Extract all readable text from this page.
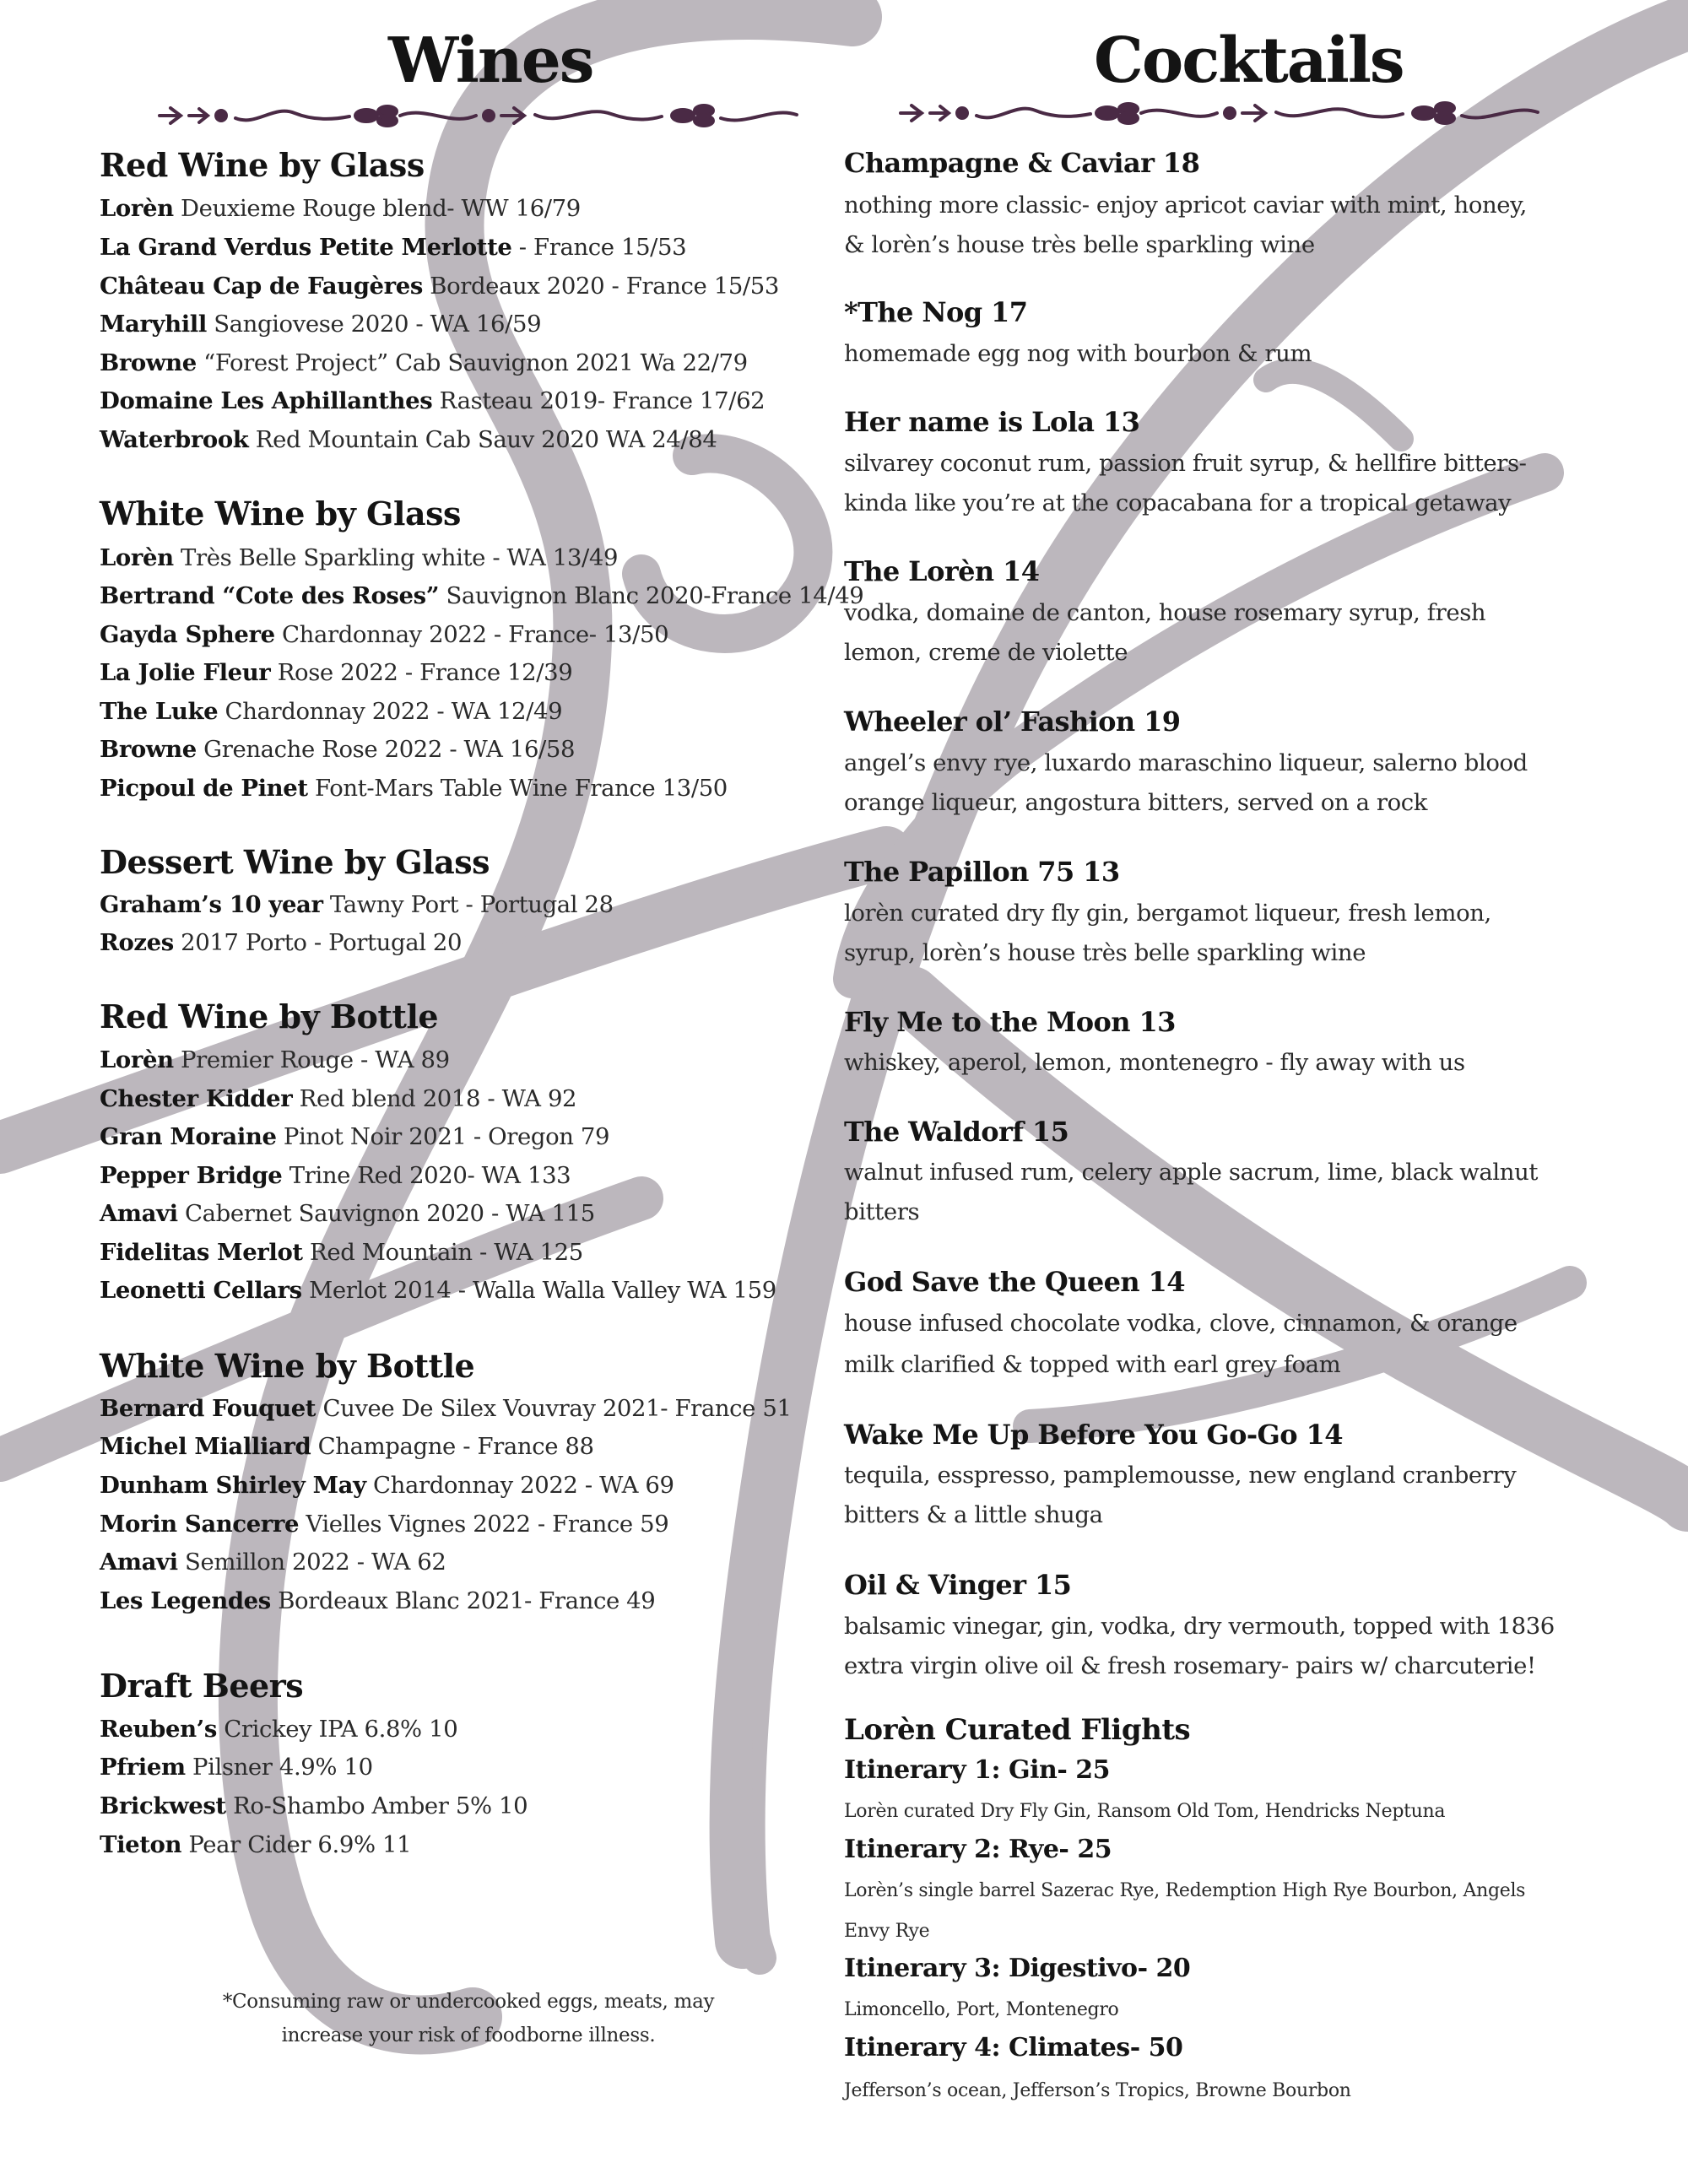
Wines
Red Wine by Glass
Lorèn Deuxieme Rouge blend- WW 16/79
La Grand Verdus Petite Merlotte - France 15/53
Château Cap de Faugères Bordeaux 2020 - France 15/53
Maryhill Sangiovese 2020 - WA 16/59
Browne “Forest Project” Cab Sauvignon 2021 Wa 22/79
Domaine Les Aphillanthes Rasteau 2019- France 17/62
Waterbrook Red Mountain Cab Sauv 2020 WA 24/84
White Wine by Glass
Lorèn Très Belle Sparkling white - WA 13/49
Bertrand “Cote des Roses” Sauvignon Blanc 2020-France 14/49
Gayda Sphere Chardonnay 2022 - France- 13/50
La Jolie Fleur Rose 2022 - France 12/39
The Luke Chardonnay 2022 - WA 12/49
Browne Grenache Rose 2022 - WA 16/58
Picpoul de Pinet Font-Mars Table Wine France 13/50
Dessert Wine by Glass
Graham’s 10 year Tawny Port - Portugal 28
Rozes 2017 Porto - Portugal 20
Red Wine by Bottle
Lorèn Premier Rouge - WA 89
Chester Kidder Red blend 2018 - WA 92
Gran Moraine Pinot Noir 2021 - Oregon 79
Pepper Bridge Trine Red 2020- WA 133
Amavi Cabernet Sauvignon 2020 - WA 115
Fidelitas Merlot Red Mountain - WA 125
Leonetti Cellars Merlot 2014 - Walla Walla Valley WA 159
White Wine by Bottle
Bernard Fouquet Cuvee De Silex Vouvray 2021- France 51
Michel Mialliard Champagne - France 88
Dunham Shirley May Chardonnay 2022 - WA 69
Morin Sancerre Vielles Vignes 2022 - France 59
Amavi Semillon 2022 - WA 62
Les Legendes Bordeaux Blanc 2021- France 49
Draft Beers
Reuben’s Crickey IPA 6.8% 10
Pfriem Pilsner 4.9% 10
Brickwest Ro-Shambo Amber 5% 10
Tieton Pear Cider 6.9% 11
*Consuming raw or undercooked eggs, meats, may
increase your risk of foodborne illness.
Cocktails
Champagne & Caviar 18
nothing more classic- enjoy apricot caviar with mint, honey,
& lorèn’s house très belle sparkling wine
*The Nog 17
homemade egg nog with bourbon & rum
Her name is Lola 13
silvarey coconut rum, passion fruit syrup, & hellfire bitters-
kinda like you’re at the copacabana for a tropical getaway
The Lorèn 14
vodka, domaine de canton, house rosemary syrup, fresh
lemon, creme de violette
Wheeler ol’ Fashion 19
angel’s envy rye, luxardo maraschino liqueur, salerno blood
orange liqueur, angostura bitters, served on a rock
The Papillon 75 13
lorèn curated dry fly gin, bergamot liqueur, fresh lemon,
syrup, lorèn’s house très belle sparkling wine
Fly Me to the Moon 13
whiskey, aperol, lemon, montenegro - fly away with us
The Waldorf 15
walnut infused rum, celery apple sacrum, lime, black walnut
bitters
God Save the Queen 14
house infused chocolate vodka, clove, cinnamon, & orange
milk clarified & topped with earl grey foam
Wake Me Up Before You Go-Go 14
tequila, esspresso, pamplemousse, new england cranberry
bitters & a little shuga
Oil & Vinger 15
balsamic vinegar, gin, vodka, dry vermouth, topped with 1836
extra virgin olive oil & fresh rosemary- pairs w/ charcuterie!
Lorèn Curated Flights
Itinerary 1: Gin- 25
Lorèn curated Dry Fly Gin, Ransom Old Tom, Hendricks Neptuna
Itinerary 2: Rye- 25
Lorèn’s single barrel Sazerac Rye, Redemption High Rye Bourbon, Angels
Envy Rye
Itinerary 3: Digestivo- 20
Limoncello, Port, Montenegro
Itinerary 4: Climates- 50
Jefferson’s ocean, Jefferson’s Tropics, Browne Bourbon
